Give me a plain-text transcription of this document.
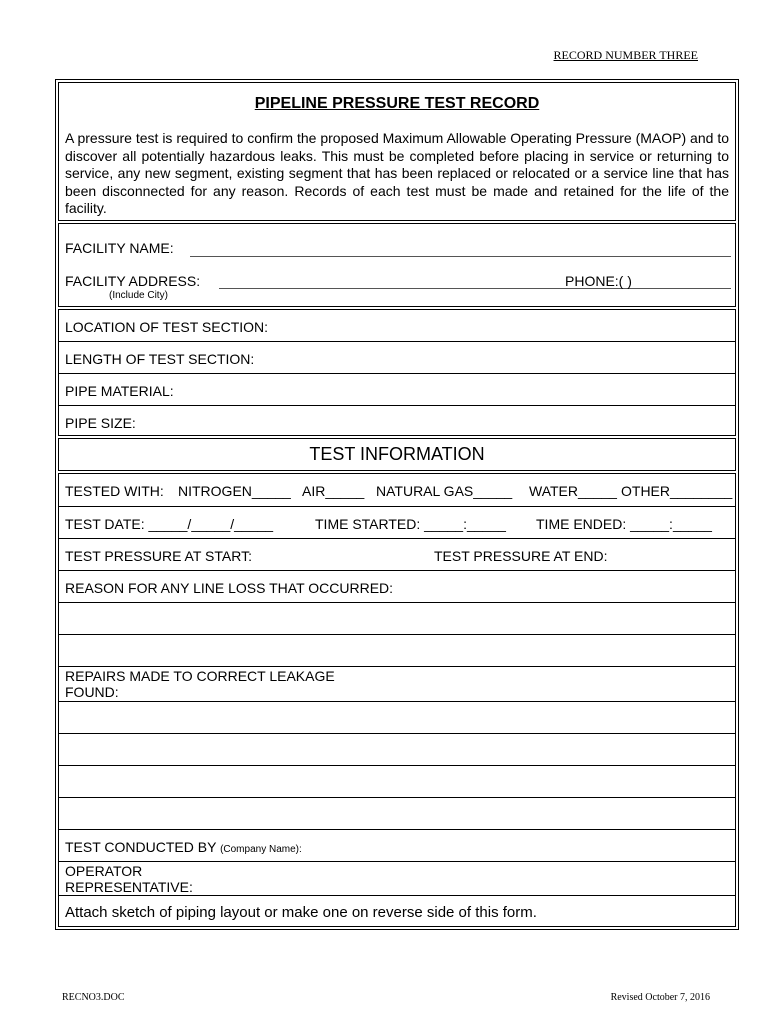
RECORD NUMBER THREE
PIPELINE PRESSURE TEST RECORD
A pressure test is required to confirm the proposed Maximum Allowable Operating Pressure (MAOP) and to discover all potentially hazardous leaks. This must be completed before placing in service or returning to service, any new segment, existing segment that has been replaced or relocated or a service line that has been disconnected for any reason. Records of each test must be made and retained for the life of the facility.
FACILITY NAME:
FACILITY ADDRESS:	PHONE:( )
(Include City)
LOCATION OF TEST SECTION:
LENGTH OF TEST SECTION:
PIPE MATERIAL:
PIPE SIZE:
TEST INFORMATION
TESTED WITH: NITROGEN_____ AIR_____ NATURAL GAS_____ WATER_____ OTHER________
TEST DATE: _____/_____/_____	TIME STARTED: _____:_____ TIME ENDED: _____:_____
TEST PRESSURE AT START:	TEST PRESSURE AT END:
REASON FOR ANY LINE LOSS THAT OCCURRED:
REPAIRS MADE TO CORRECT LEAKAGE
FOUND:
TEST CONDUCTED BY (Company Name):
OPERATOR
REPRESENTATIVE:
Attach sketch of piping layout or make one on reverse side of this form.
RECNO3.DOC	Revised October 7, 2016
